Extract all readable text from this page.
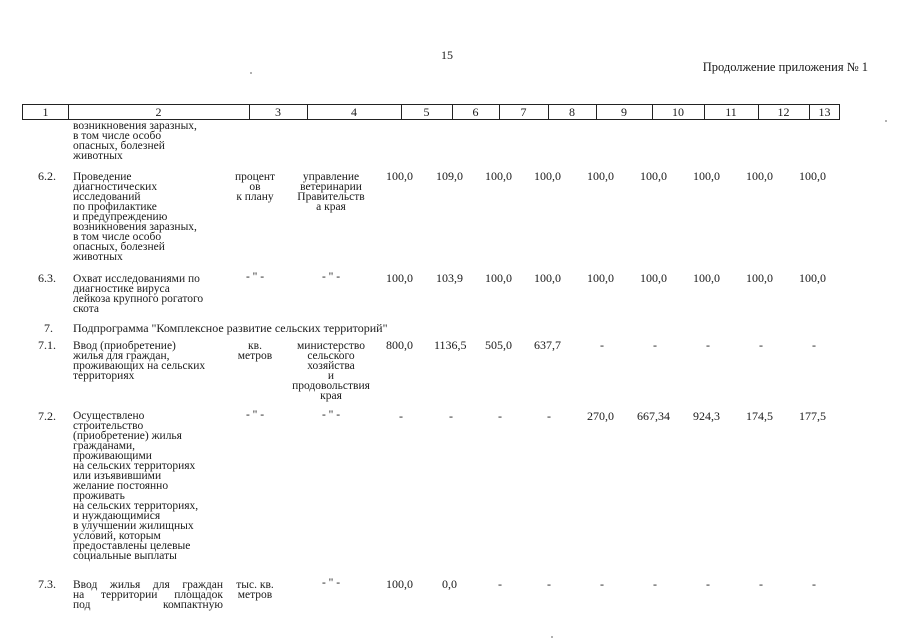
15
Продолжение приложения № 1
1	2	3	4	5	6	7	8	9	10	11	12	13
возникновения заразных,
в том числе особо
опасных, болезней
животных
6.2. Проведение
диагностических
исследований
по профилактике
и предупреждению
возникновения заразных,
в том числе особо
опасных, болезней
животных
процент
ов
к плану
управление
ветеринарии
Правительств
а края
100,0 109,0 100,0 100,0 100,0 100,0 100,0 100,0 100,0
6.3. Охват исследованиями по
диагностике вируса
лейкоза крупного рогатого
скота
- " -	- " -	100,0 103,9 100,0 100,0 100,0 100,0 100,0 100,0 100,0
7. Подпрограмма "Комплексное развитие сельских территорий"
7.1. Ввод (приобретение)
жилья для граждан,
проживающих на сельских
территориях
кв.
метров
министерство
сельского
хозяйства
и
продовольствия
края
800,0 1136,5 505,0 637,7	-	-	-	-	-
7.2. Осуществлено
строительство
(приобретение) жилья
гражданами,
проживающими
на сельских территориях
или изъявившими
желание постоянно
проживать
на сельских территориях,
и нуждающимися
в улучшении жилищных
условий, которым
предоставлены целевые
социальные выплаты
- " -	- " -	-	-	-	-	270,0 667,34 924,3 174,5 177,5
7.3. Ввод  жилья  для  граждан
на  территории  площадок
под              компактную
тыс. кв.
метров
- " -	100,0 0,0	-	-	-	-	-	-	-
